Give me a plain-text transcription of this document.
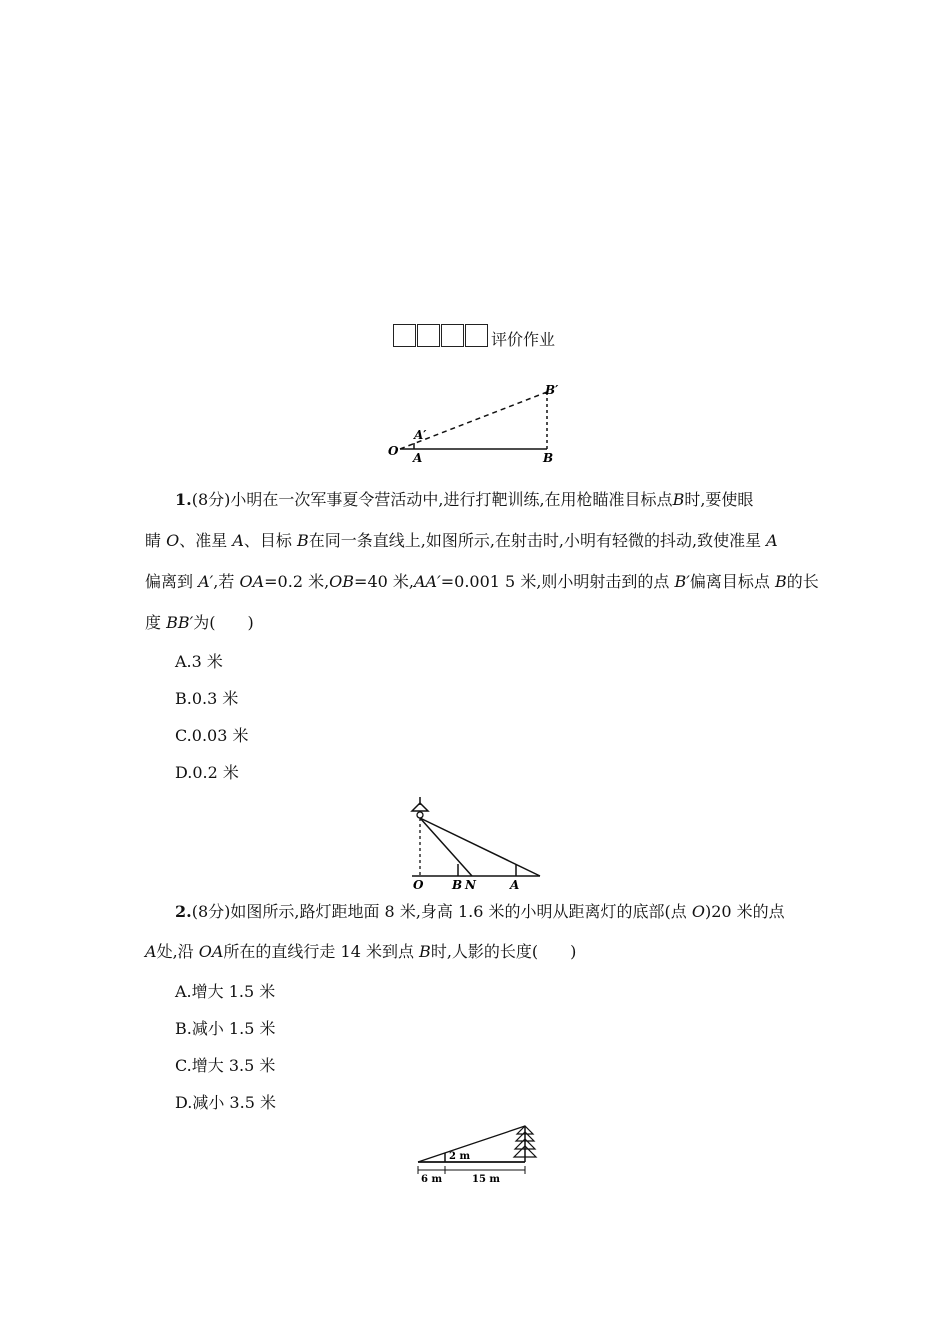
评价作业
O A
A′
B
B′
1.(8分)小明在一次军事夏令营活动中,进行打靶训练,在用枪瞄准目标点B时,要使眼
睛 O、准星 A、目标 B在同一条直线上,如图所示,在射击时,小明有轻微的抖动,致使准星 A
偏离到 A′,若 OA=0.2 米,OB=40 米,AA′=0.001 5 米,则小明射击到的点 B′偏离目标点 B的长
度 BB′为(　　)
A.3 米
B.0.3 米
C.0.03 米
D.0.2 米
O B N	A
2.(8分)如图所示,路灯距地面 8 米,身高 1.6 米的小明从距离灯的底部(点 O)20 米的点
A处,沿 OA所在的直线行走 14 米到点 B时,人影的长度(　　)
A.增大 1.5 米
B.减小 1.5 米
C.增大 3.5 米
D.减小 3.5 米
2 m
6 m	15 m
